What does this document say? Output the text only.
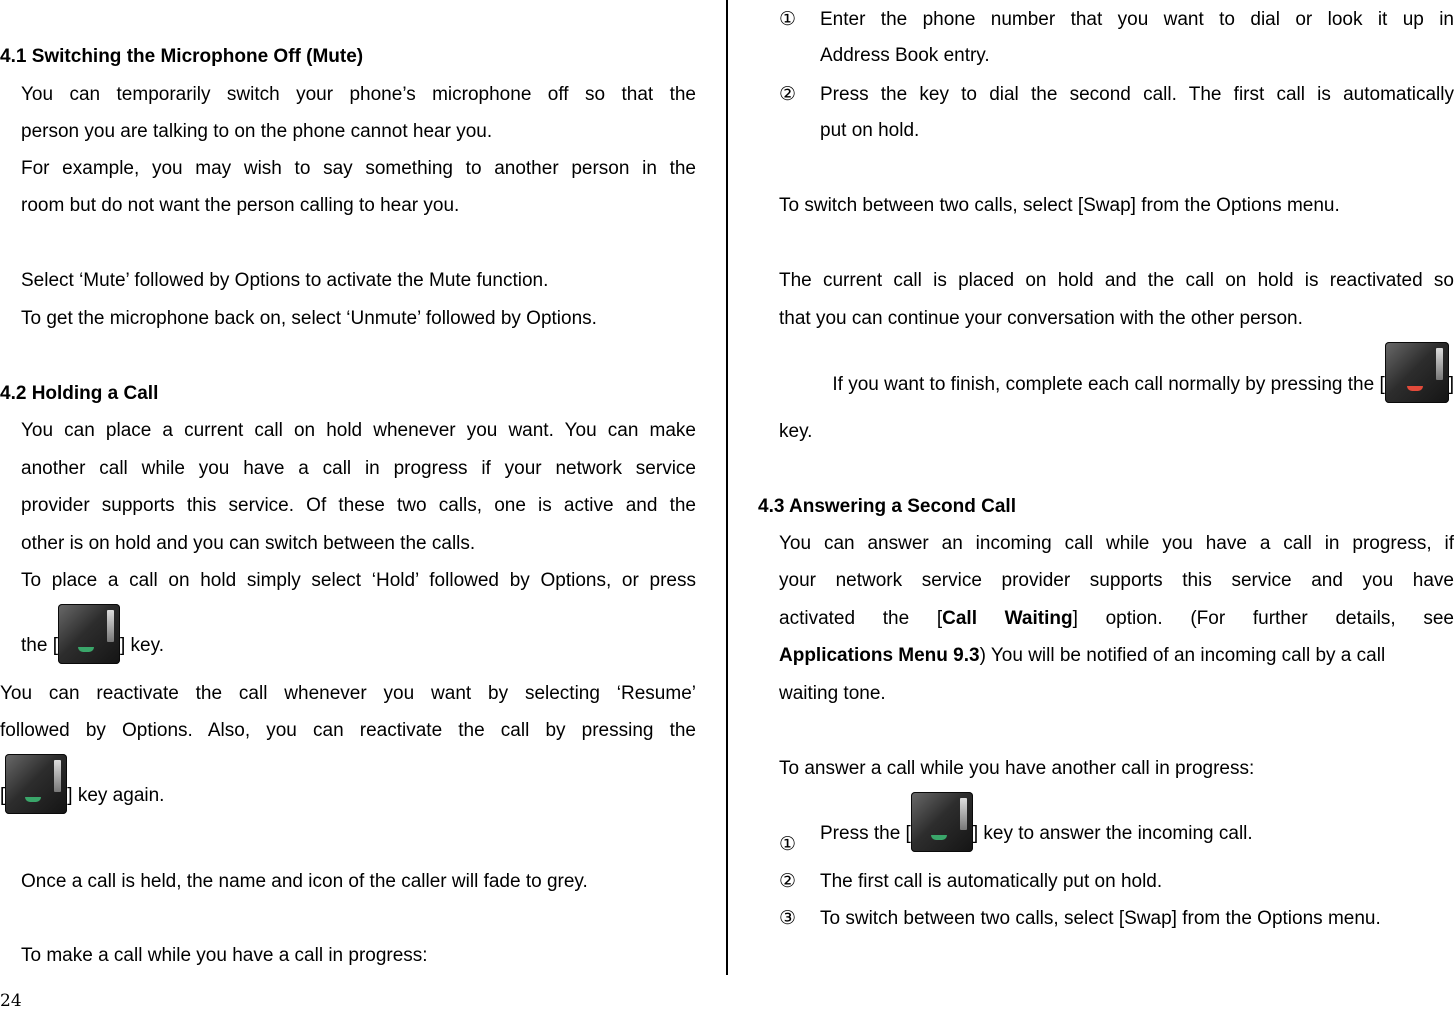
4.1 Switching the Microphone Off (Mute)
You can temporarily switch your phone’s microphone off so that the
person you are talking to on the phone cannot hear you.
For example, you may wish to say something to another person in the
room but do not want the person calling to hear you.
Select ‘Mute’ followed by Options to activate the Mute function.
To get the microphone back on, select ‘Unmute’ followed by Options.
4.2 Holding a Call
You can place a current call on hold whenever you want. You can make
another call while you have a call in progress if your network service
provider supports this service. Of these two calls, one is active and the
other is on hold and you can switch between the calls.
To place a call on hold simply select ‘Hold’ followed by Options, or press
the [	] key.
You can reactivate the call whenever you want by selecting ‘Resume’
followed by Options. Also, you can reactivate the call by pressing the
[	] key again.
Once a call is held, the name and icon of the caller will fade to grey.
To make a call while you have a call in progress:
①	Enter the phone number that you want to dial or look it up in
Address Book entry.
②	Press the key to dial the second call. The first call is automatically
put on hold.
To switch between two calls, select [Swap] from the Options menu.
The current call is placed on hold and the call on hold is reactivated so
that you can continue your conversation with the other person.
If you want to finish, complete each call normally by pressing the [	]
key.
4.3 Answering a Second Call
You can answer an incoming call while you have a call in progress, if
your network service provider supports this service and you have
activated the [Call Waiting] option. (For further details, see
Applications Menu 9.3) You will be notified of an incoming call by a call
waiting tone.
To answer a call while you have another call in progress:
①
Press the [	] key to answer the incoming call.
②	The first call is automatically put on hold.
③	To switch between two calls, select [Swap] from the Options menu.
24
